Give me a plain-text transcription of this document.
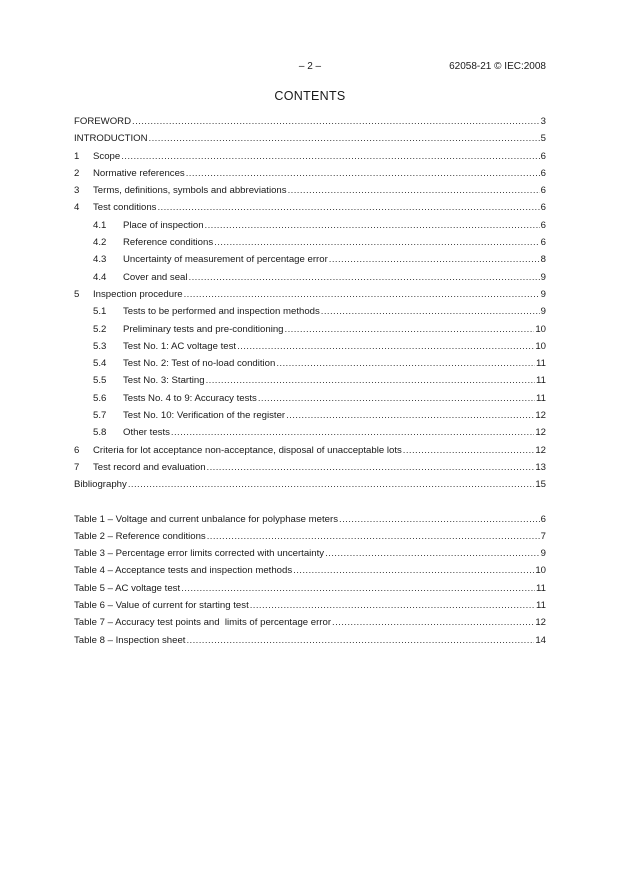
– 2 –	62058-21 © IEC:2008
CONTENTS
FOREWORD .....	3
INTRODUCTION .....	5
1	Scope .....	6
2	Normative references .....	6
3	Terms, definitions, symbols and abbreviations .....	6
4	Test conditions .....	6
4.1	Place of inspection .....	6
4.2	Reference conditions .....	6
4.3	Uncertainty of measurement of percentage error .....	8
4.4	Cover and seal .....	9
5	Inspection procedure .....	9
5.1	Tests to be performed and inspection methods .....	9
5.2	Preliminary tests and pre-conditioning .....	10
5.3	Test No. 1: AC voltage test .....	10
5.4	Test No. 2: Test of no-load condition .....	11
5.5	Test No. 3: Starting .....	11
5.6	Tests No. 4 to 9: Accuracy tests .....	11
5.7	Test No. 10: Verification of the register .....	12
5.8	Other tests .....	12
6	Criteria for lot acceptance non-acceptance, disposal of unacceptable lots .....	12
7	Test record and evaluation .....	13
Bibliography .....	15
Table 1 – Voltage and current unbalance for polyphase meters .....	6
Table 2 – Reference conditions .....	7
Table 3 – Percentage error limits corrected with uncertainty .....	9
Table 4 – Acceptance tests and inspection methods .....	10
Table 5 – AC voltage test .....	11
Table 6 – Value of current for starting test .....	11
Table 7 – Accuracy test points and  limits of percentage error .....	12
Table 8 – Inspection sheet .....	14
